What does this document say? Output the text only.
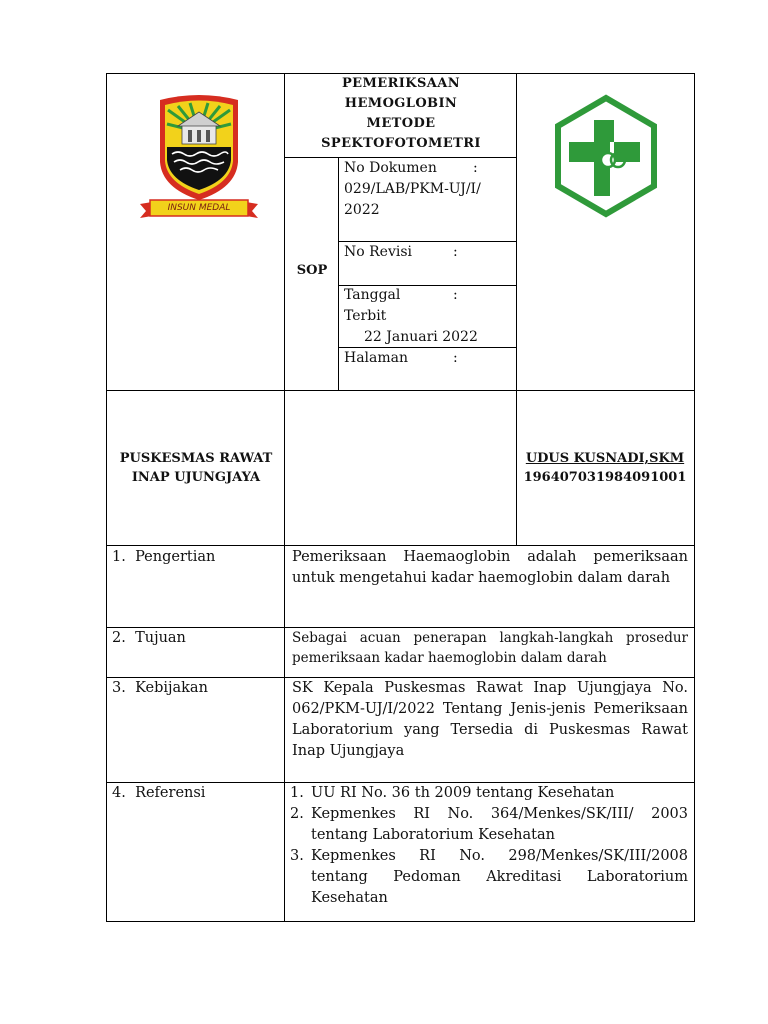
INSUN MEDAL
PEMERIKSAAN
HEMOGLOBIN
METODE
SPEKTOFOTOMETRI
SOP
No Dokumen	:
029/LAB/PKM-UJ/I/ 2022
No Revisi	:
Tanggal	:
Terbit
22 Januari 2022
Halaman	:
PUSKESMAS RAWAT INAP UJUNGJAYA
UDUS KUSNADI,SKM
196407031984091001
1. Pengertian	Pemeriksaan Haemaoglobin adalah pemeriksaan untuk mengetahui kadar haemoglobin dalam darah
2. Tujuan	Sebagai acuan penerapan langkah-langkah prosedur pemeriksaan kadar haemoglobin dalam darah
3. Kebijakan	SK Kepala Puskesmas Rawat Inap Ujungjaya No. 062/PKM-UJ/I/2022 Tentang Jenis-jenis Pemeriksaan Laboratorium yang Tersedia di Puskesmas Rawat Inap Ujungjaya
4. Referensi	1. UU RI No. 36 th 2009 tentang Kesehatan
2. Kepmenkes RI No. 364/Menkes/SK/III/ 2003 tentang Laboratorium Kesehatan
3. Kepmenkes RI No. 298/Menkes/SK/III/2008 tentang Pedoman Akreditasi Laboratorium Kesehatan
